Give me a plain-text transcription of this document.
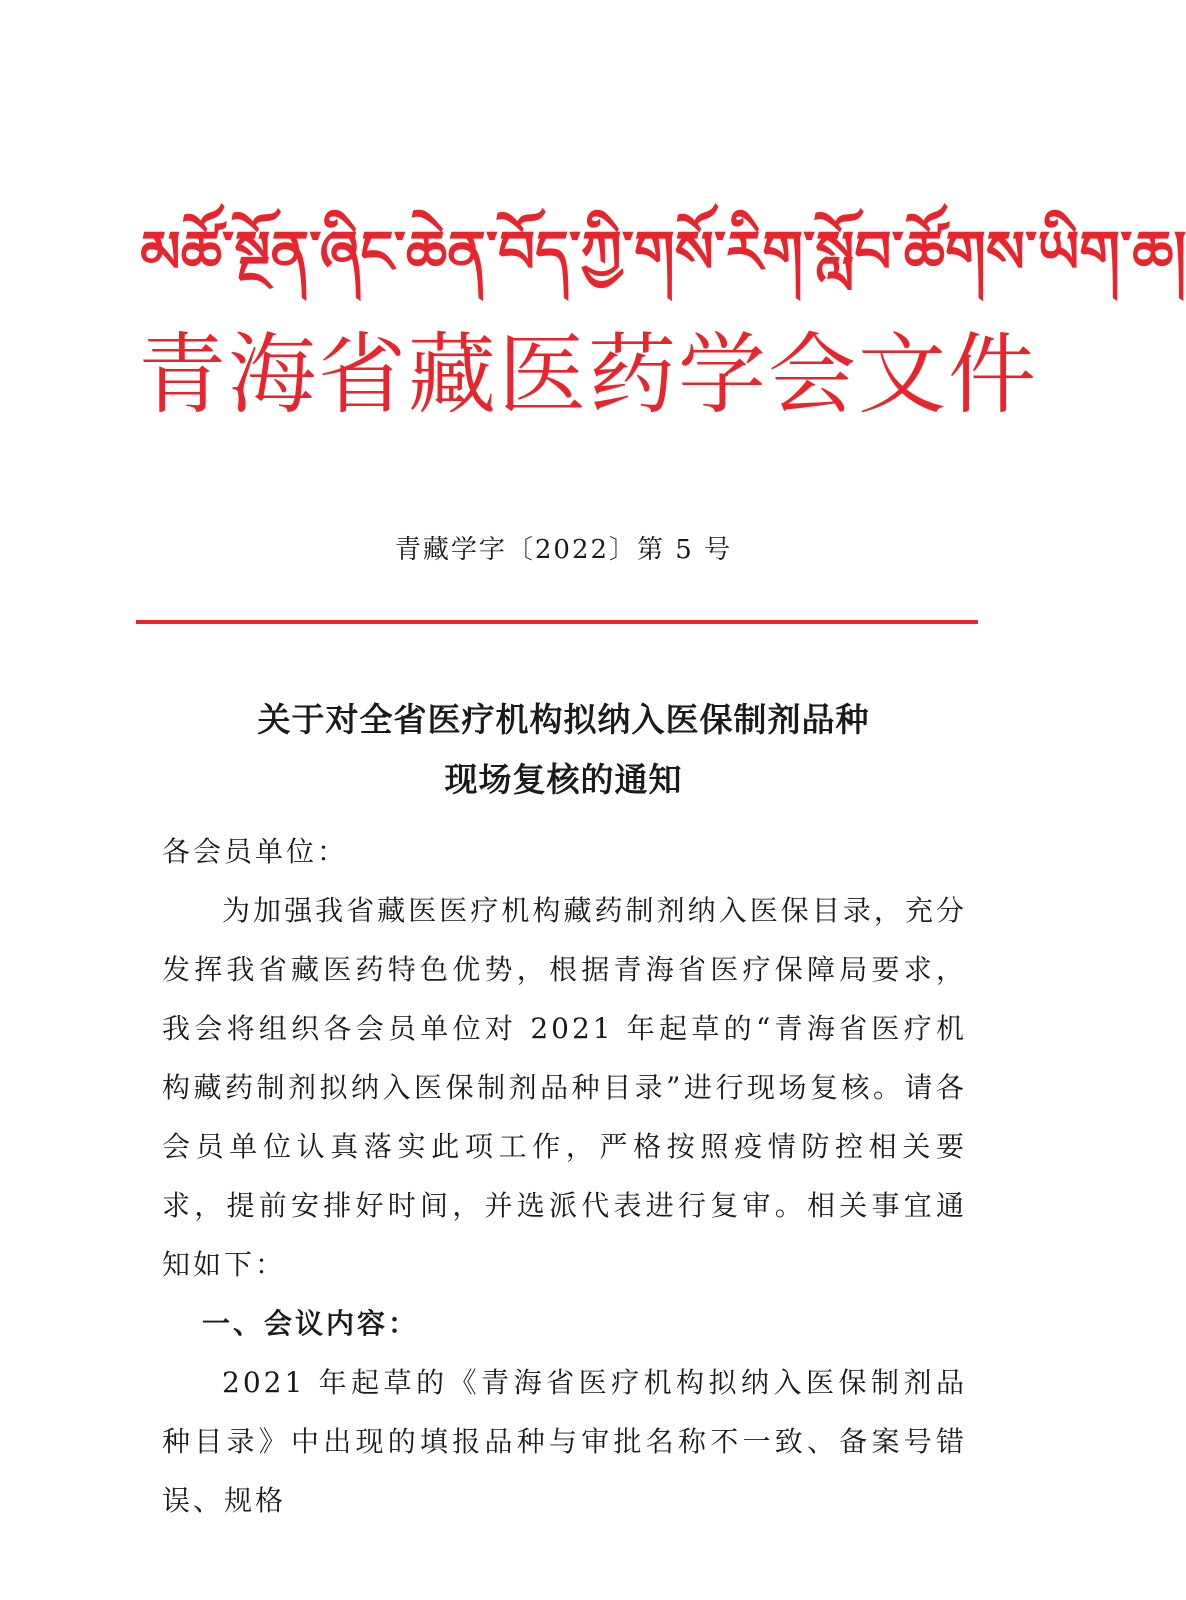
མཚོ་སྔོན་ཞིང་ཆེན་བོད་ཀྱི་གསོ་རིག་སློབ་ཚོགས་ཡིག་ཆ།
青海省藏医药学会文件
青藏学字〔2022〕第 5 号
关于对全省医疗机构拟纳入医保制剂品种
现场复核的通知
各会员单位：
为加强我省藏医医疗机构藏药制剂纳入医保目录，充分发挥我省藏医药特色优势，根据青海省医疗保障局要求，我会将组织各会员单位对 2021 年起草的“青海省医疗机构藏药制剂拟纳入医保制剂品种目录”进行现场复核。请各会员单位认真落实此项工作，严格按照疫情防控相关要求，提前安排好时间，并选派代表进行复审。相关事宜通知如下：
一、会议内容：
2021 年起草的《青海省医疗机构拟纳入医保制剂品种目录》中出现的填报品种与审批名称不一致、备案号错误、规格
